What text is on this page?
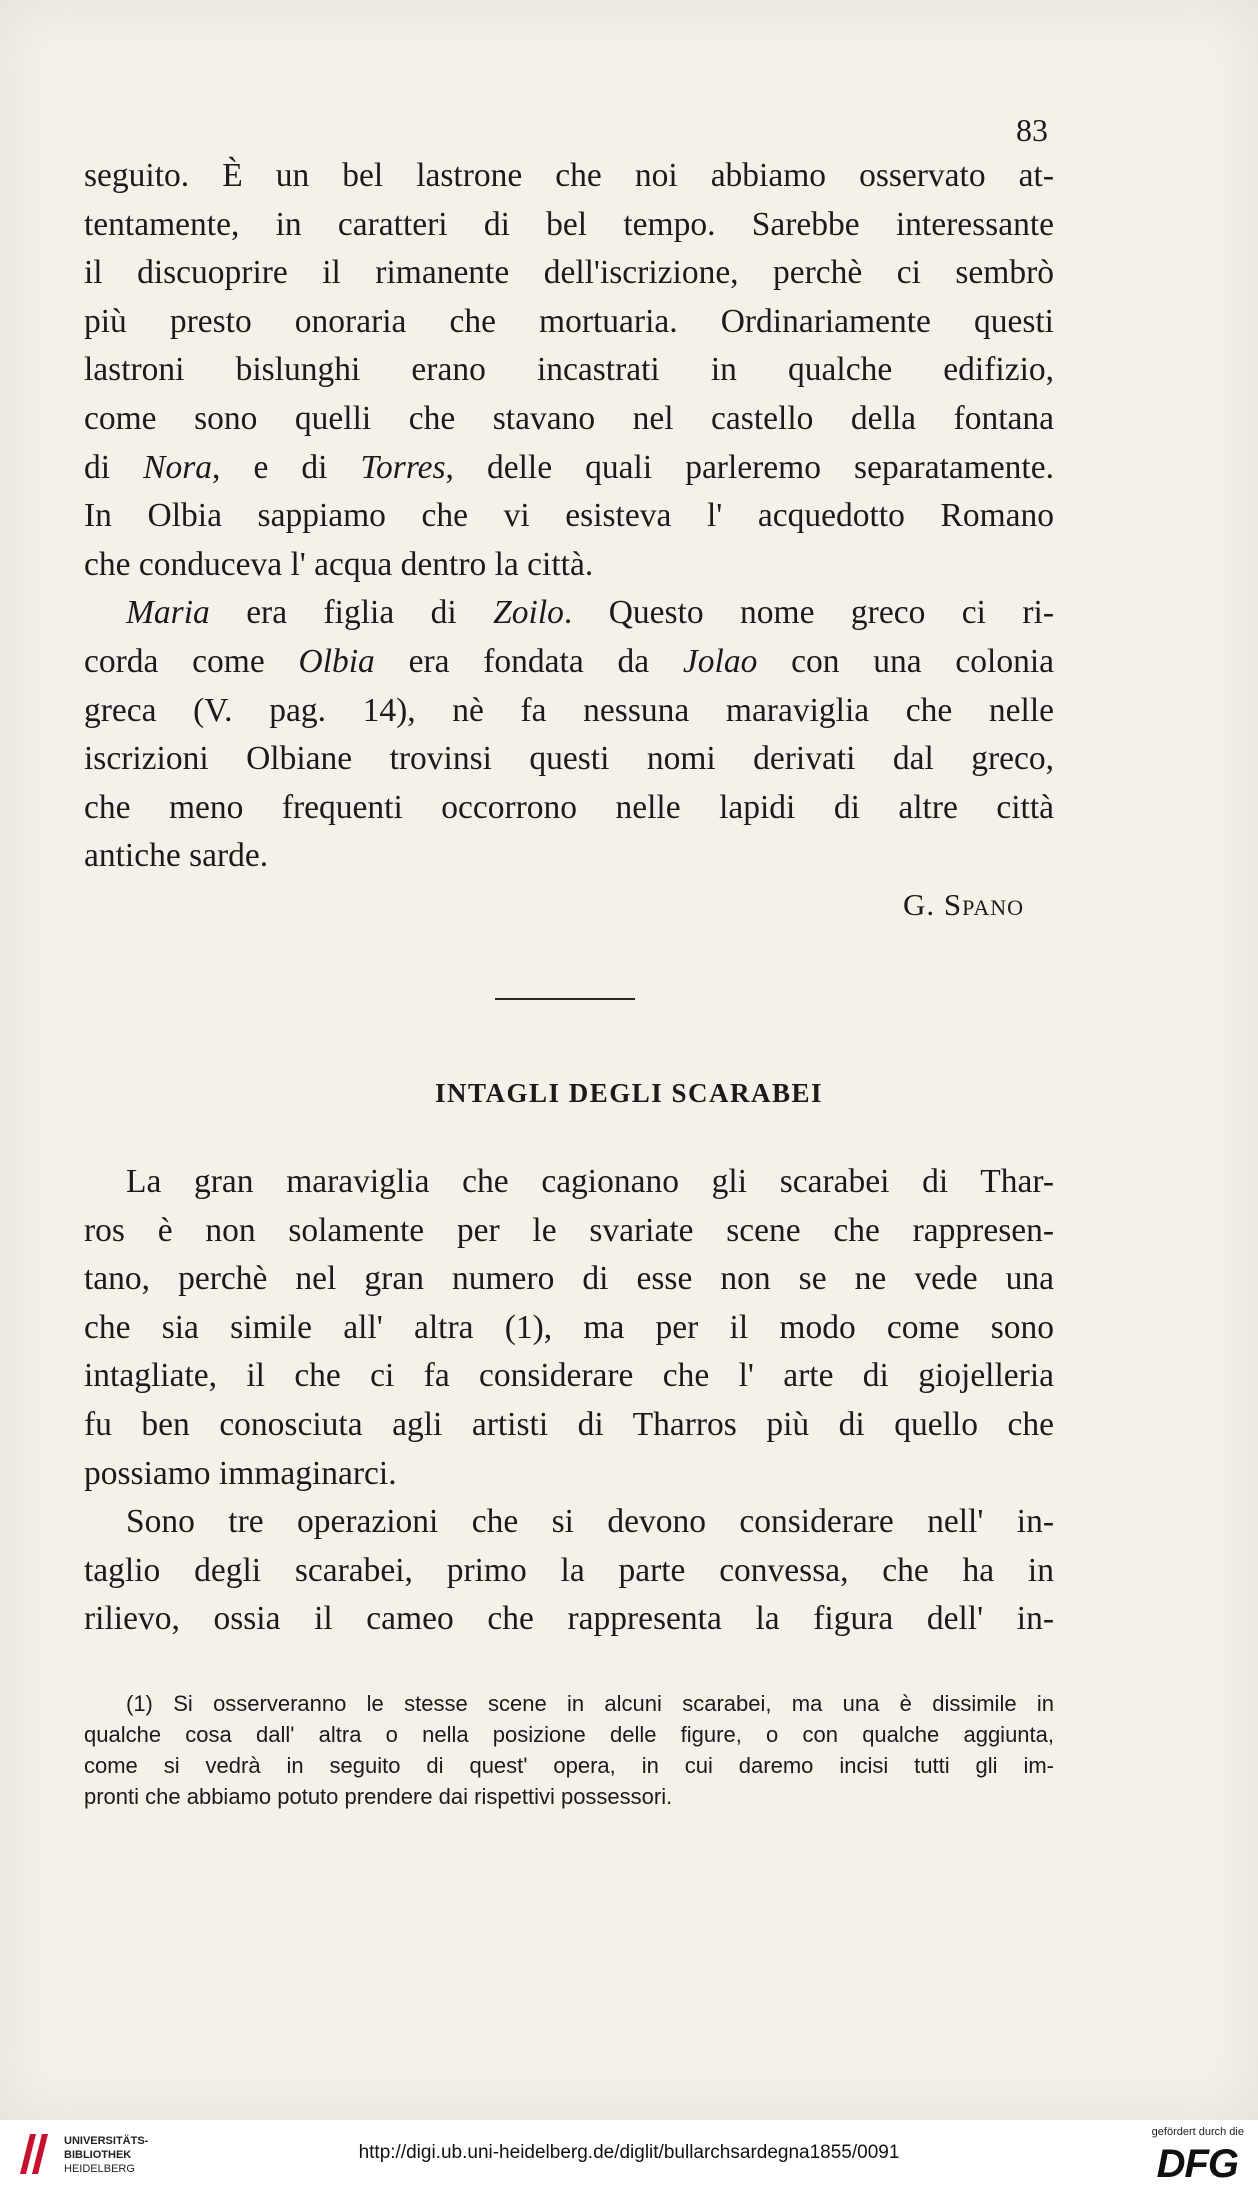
83
seguito. È un bel lastrone che noi abbiamo osservato at-
tentamente, in caratteri di bel tempo. Sarebbe interessante
il discuoprire il rimanente dell'iscrizione, perchè ci sembrò
più presto onoraria che mortuaria. Ordinariamente questi
lastroni bislunghi erano incastrati in qualche edifizio,
come sono quelli che stavano nel castello della fontana
di Nora, e di Torres, delle quali parleremo separatamente.
In Olbia sappiamo che vi esisteva l' acquedotto Romano
che conduceva l' acqua dentro la città.
Maria era figlia di Zoilo. Questo nome greco ci ri-
corda come Olbia era fondata da Jolao con una colonia
greca (V. pag. 14), nè fa nessuna maraviglia che nelle
iscrizioni Olbiane trovinsi questi nomi derivati dal greco,
che meno frequenti occorrono nelle lapidi di altre città
antiche sarde.
G. Spano
INTAGLI DEGLI SCARABEI
La gran maraviglia che cagionano gli scarabei di Thar-
ros è non solamente per le svariate scene che rappresen-
tano, perchè nel gran numero di esse non se ne vede una
che sia simile all' altra (1), ma per il modo come sono
intagliate, il che ci fa considerare che l' arte di giojelleria
fu ben conosciuta agli artisti di Tharros più di quello che
possiamo immaginarci.
Sono tre operazioni che si devono considerare nell' in-
taglio degli scarabei, primo la parte convessa, che ha in
rilievo, ossia il cameo che rappresenta la figura dell' in-
(1) Si osserveranno le stesse scene in alcuni scarabei, ma una è dissimile in
qualche cosa dall' altra o nella posizione delle figure, o con qualche aggiunta,
come si vedrà in seguito di quest' opera, in cui daremo incisi tutti gli im-
pronti che abbiamo potuto prendere dai rispettivi possessori.
UNIVERSITÄTS-
BIBLIOTHEK
HEIDELBERG
http://digi.ub.uni-heidelberg.de/diglit/bullarchsardegna1855/0091
gefördert durch die
DFG
